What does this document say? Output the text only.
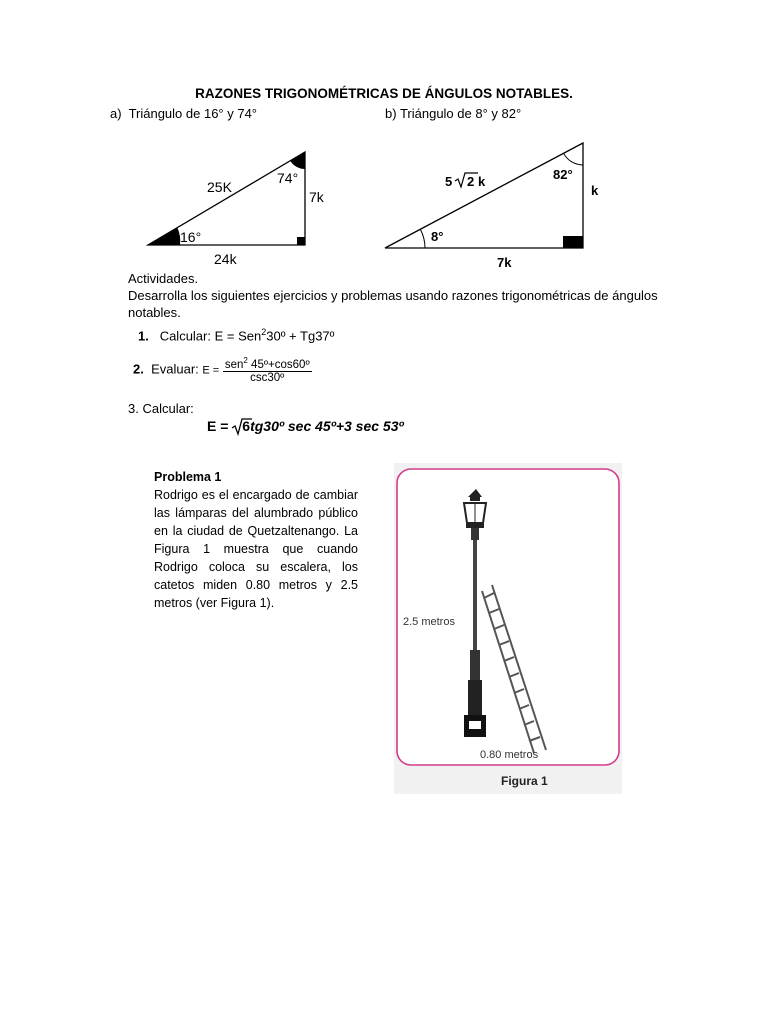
RAZONES TRIGONOMÉTRICAS DE ÁNGULOS NOTABLES.
a) Triángulo de 16° y 74°	b) Triángulo de 8° y 82°
25K
74°
7k
16°
24k
5 2 k	82°
k
8°
7k
Actividades.
Desarrolla los siguientes ejercicios y problemas usando razones trigonométricas de ángulos notables.
1. Calcular: E = Sen$^2$30º + Tg37º
2. Evaluar: $E = \frac{sen^2 45º+\cos 60º}{\text{csc30º}}$
3. Calcular:
E = 6tg30º sec 45º+3 sec 53º
Problema 1
Rodrigo es el encargado de cambiar las lámparas del alumbrado público en la ciudad de Quetzaltenango. La Figura 1 muestra que cuando Rodrigo coloca su escalera, los catetos miden 0.80 metros y 2.5 metros (ver Figura 1).
2.5 metros
0.80 metros
Figura 1
